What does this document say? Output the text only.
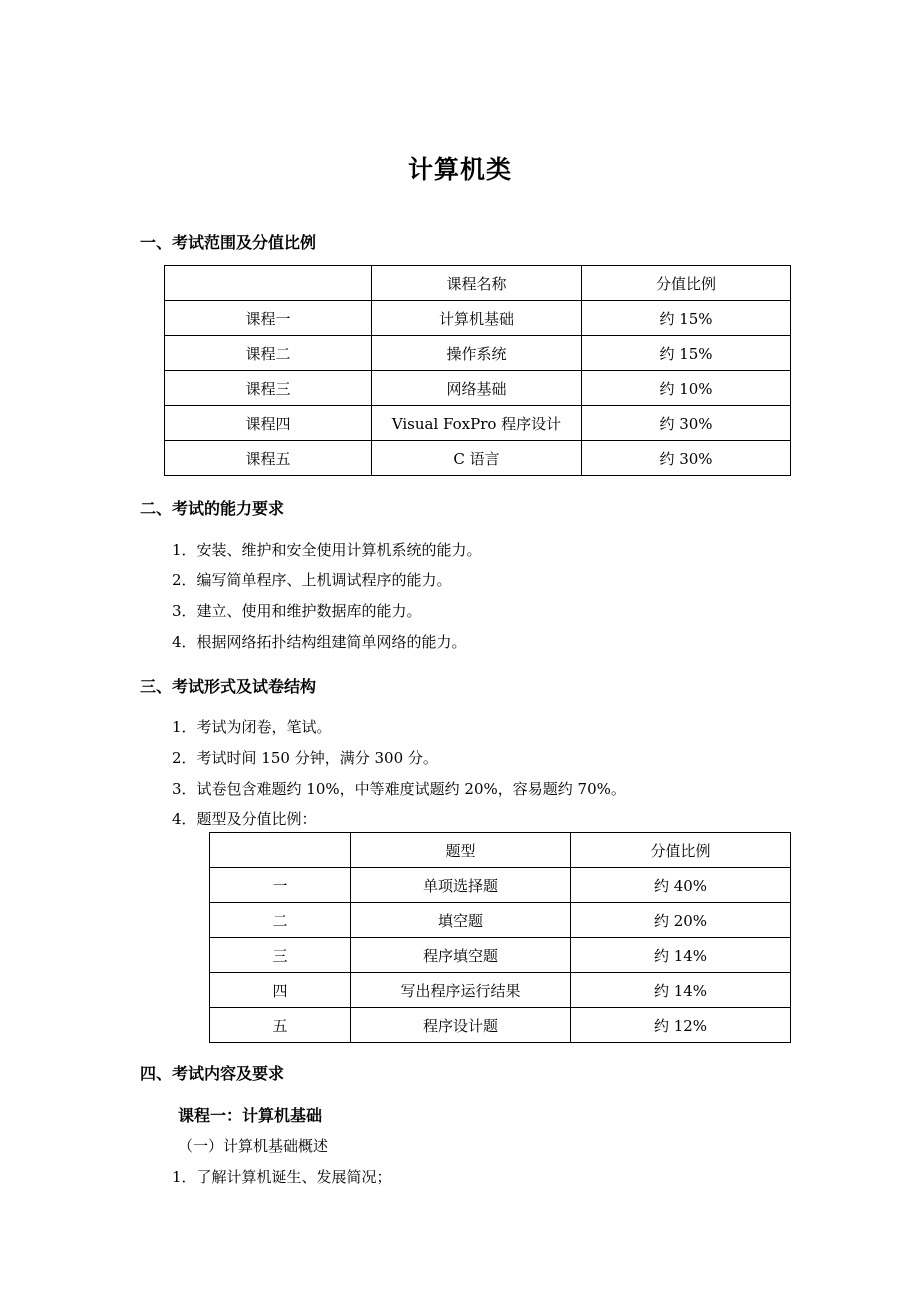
计算机类
一、考试范围及分值比例
	课程名称	分值比例
课程一	计算机基础	约 15%
课程二	操作系统	约 15%
课程三	网络基础	约 10%
课程四	Visual FoxPro 程序设计	约 30%
课程五	C 语言	约 30%
二、考试的能力要求
1．安装、维护和安全使用计算机系统的能力。
2．编写简单程序、上机调试程序的能力。
3．建立、使用和维护数据库的能力。
4．根据网络拓扑结构组建简单网络的能力。
三、考试形式及试卷结构
1．考试为闭卷，笔试。
2．考试时间 150 分钟，满分 300 分。
3．试卷包含难题约 10%，中等难度试题约 20%，容易题约 70%。
4．题型及分值比例：
	题型	分值比例
一	单项选择题	约 40%
二	填空题	约 20%
三	程序填空题	约 14%
四	写出程序运行结果	约 14%
五	程序设计题	约 12%
四、考试内容及要求
课程一：计算机基础
（一）计算机基础概述
1．了解计算机诞生、发展简况；
